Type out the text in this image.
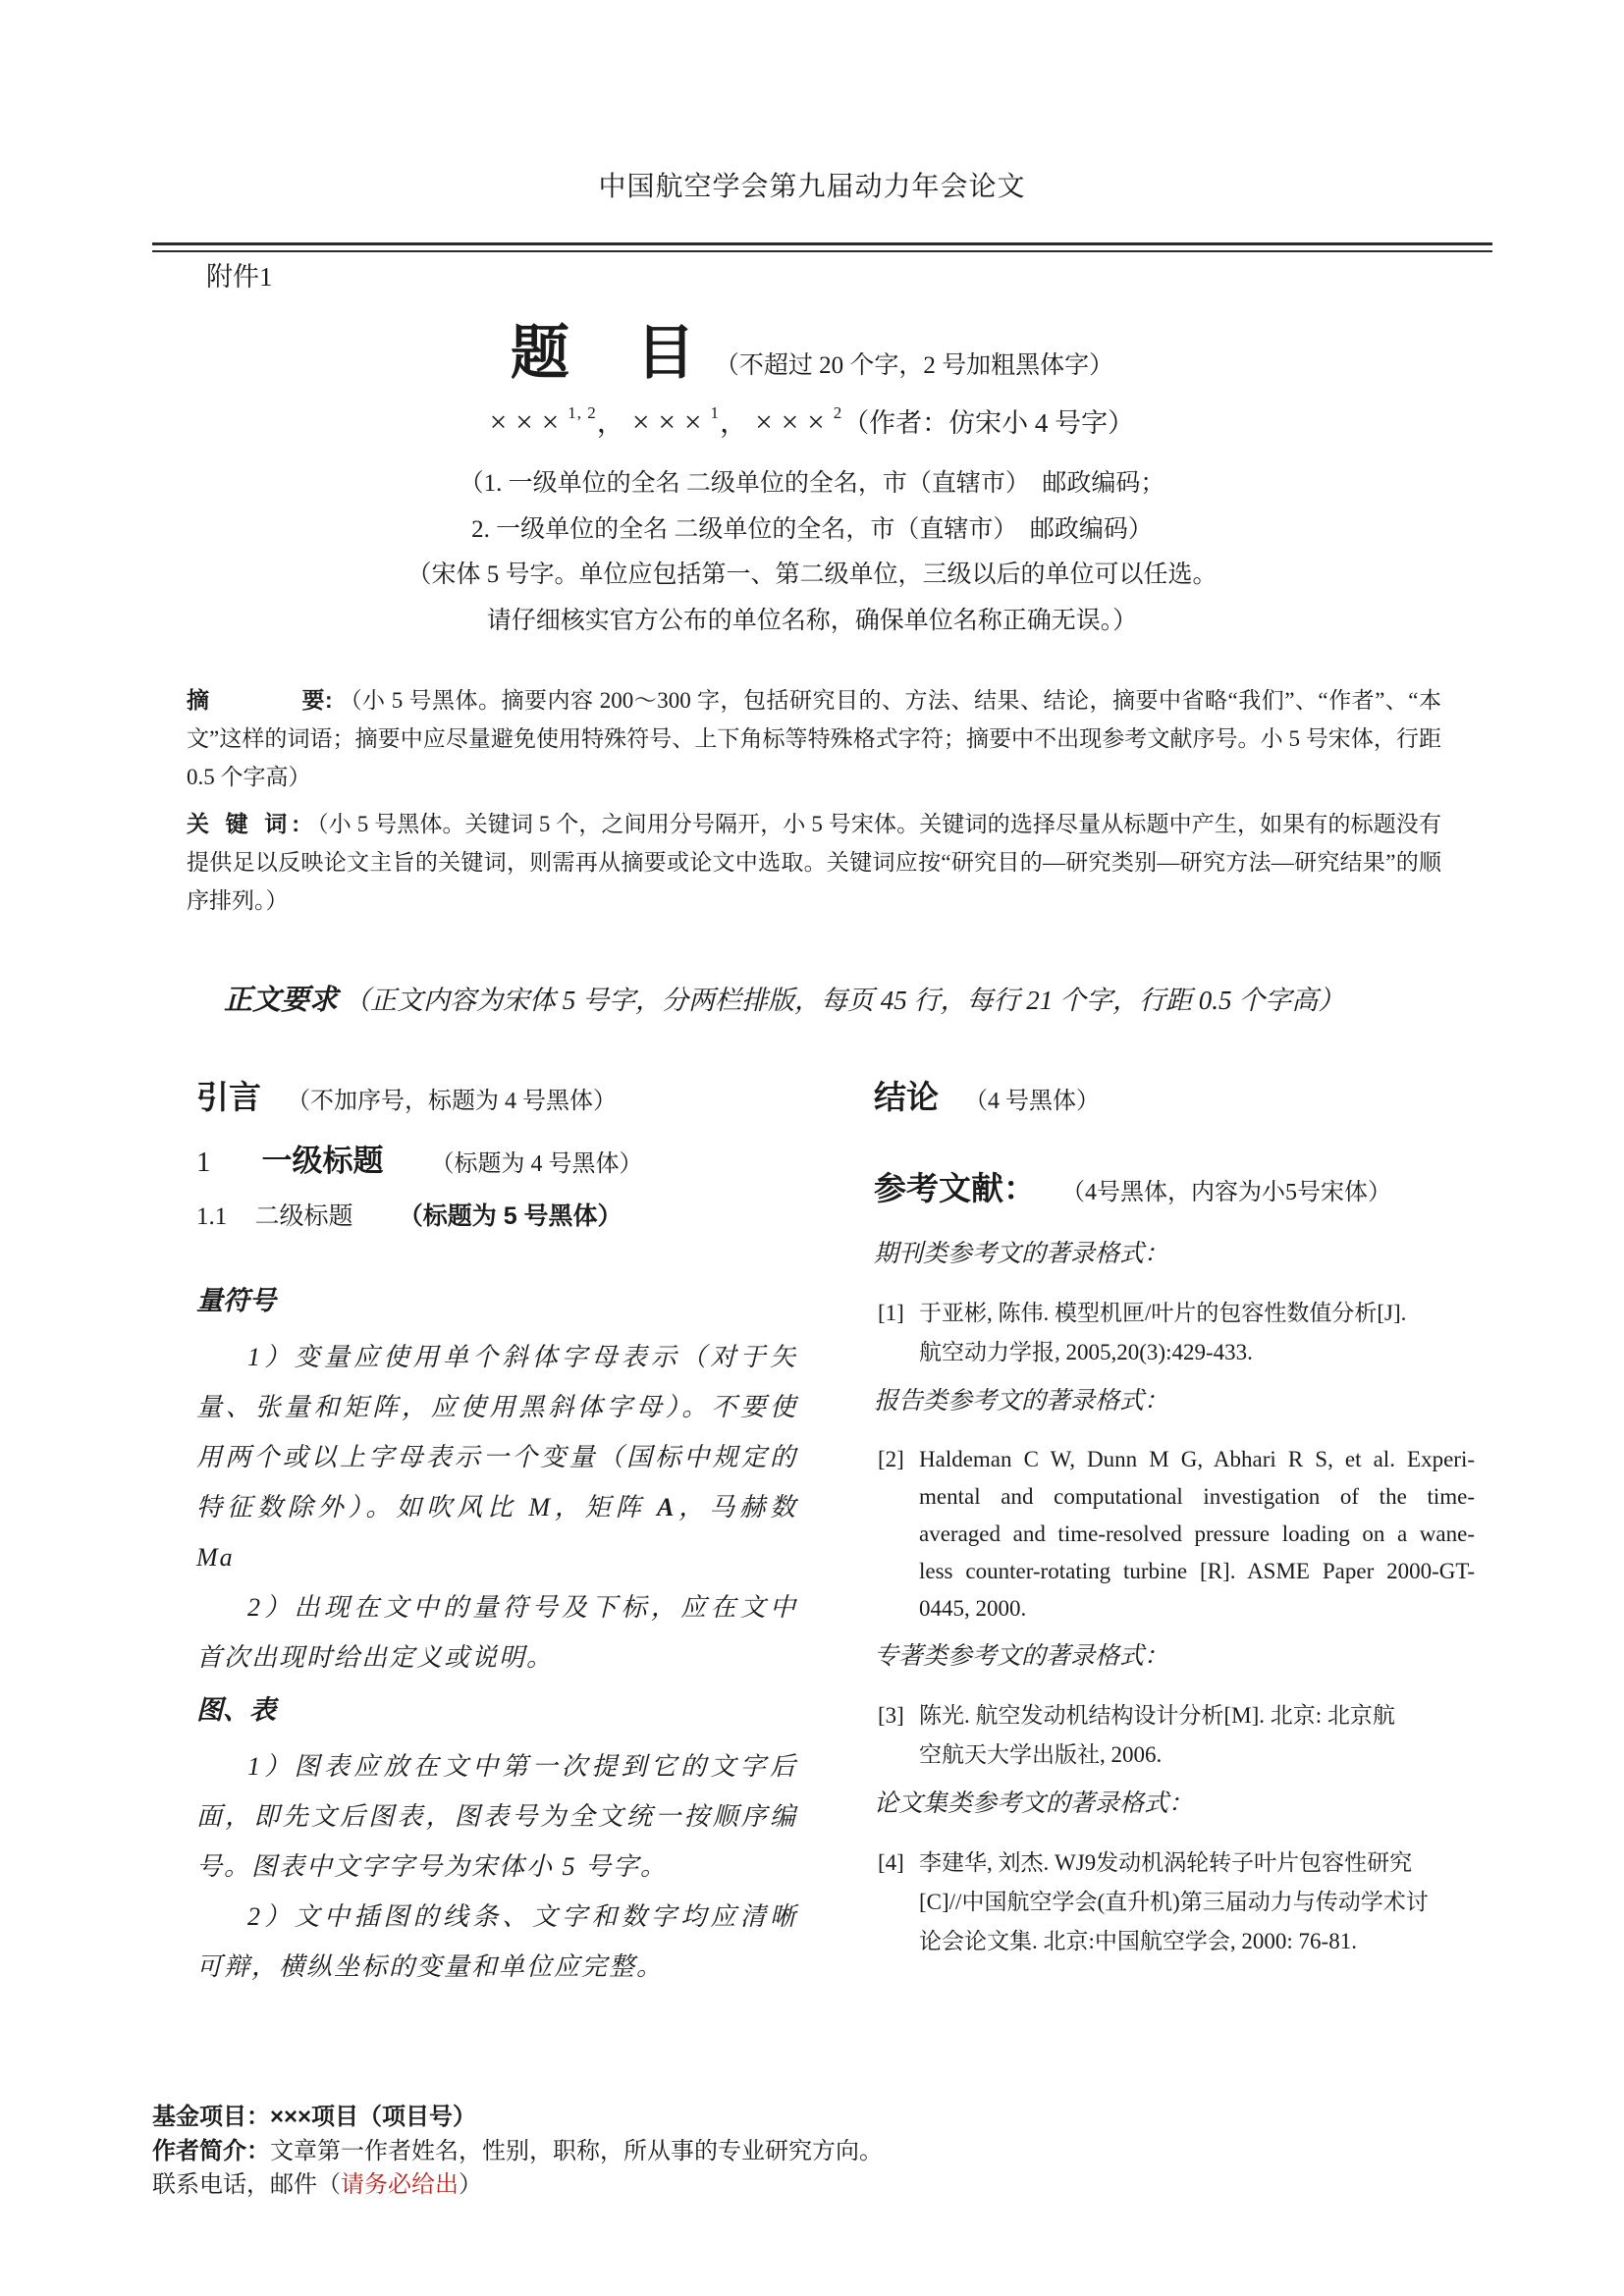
中国航空学会第九届动力年会论文
附件1
题　目 （不超过 20 个字，2 号加粗黑体字）
×××$^{1, 2}$， ×××$^1$， ×××$^2$（作者：仿宋小 4 号字）
（1. 一级单位的全名 二级单位的全名，市（直辖市）　邮政编码；
2. 一级单位的全名 二级单位的全名，市（直辖市）　邮政编码）
（宋体 5 号字。单位应包括第一、第二级单位，三级以后的单位可以任选。
请仔细核实官方公布的单位名称，确保单位名称正确无误。）
摘　　　　要: （小 5 号黑体。摘要内容 200～300 字，包括研究目的、方法、结果、结论，摘要中省略“我们”、“作者”、“本文”这样的词语；摘要中应尽量避免使用特殊符号、上下角标等特殊格式字符；摘要中不出现参考文献序号。小 5 号宋体，行距 0.5 个字高）
关 键 词: （小 5 号黑体。关键词 5 个，之间用分号隔开，小 5 号宋体。关键词的选择尽量从标题中产生，如果有的标题没有提供足以反映论文主旨的关键词，则需再从摘要或论文中选取。关键词应按“研究目的—研究类别—研究方法—研究结果”的顺序排列。）
正文要求 （正文内容为宋体 5 号字，分两栏排版，每页 45 行，每行 21 个字，行距 0.5 个字高）
引言 （不加序号，标题为 4 号黑体）
1 一级标题 （标题为 4 号黑体）
1.1 二级标题 （标题为 5 号黑体）
量符号
1）变量应使用单个斜体字母表示（对于矢
量、张量和矩阵，应使用黑斜体字母）。不要使
用两个或以上字母表示一个变量（国标中规定的
特征数除外）。如吹风比 M，矩阵 A，马赫数
Ma
2）出现在文中的量符号及下标，应在文中
首次出现时给出定义或说明。
图、表
1）图表应放在文中第一次提到它的文字后
面，即先文后图表，图表号为全文统一按顺序编
号。图表中文字字号为宋体小 5 号字。
2）文中插图的线条、文字和数字均应清晰
可辩，横纵坐标的变量和单位应完整。
结论 （4 号黑体）
参考文献： （4号黑体，内容为小5号宋体）
期刊类参考文的著录格式：
[1] 于亚彬, 陈伟. 模型机匣/叶片的包容性数值分析[J].
航空动力学报, 2005,20(3):429-433.
报告类参考文的著录格式：
[2] Haldeman C W, Dunn M G, Abhari R S, et al. Experi-
mental and computational investigation of the time-
averaged and time-resolved pressure loading on a wane-
less counter-rotating turbine [R]. ASME Paper 2000-GT-
0445, 2000.
专著类参考文的著录格式：
[3] 陈光. 航空发动机结构设计分析[M]. 北京: 北京航
空航天大学出版社, 2006.
论文集类参考文的著录格式：
[4] 李建华, 刘杰. WJ9发动机涡轮转子叶片包容性研究
[C]//中国航空学会(直升机)第三届动力与传动学术讨
论会论文集. 北京:中国航空学会, 2000: 76-81.
基金项目：×××项目（项目号）
作者简介：文章第一作者姓名，性别，职称，所从事的专业研究方向。
联系电话，邮件（请务必给出）
